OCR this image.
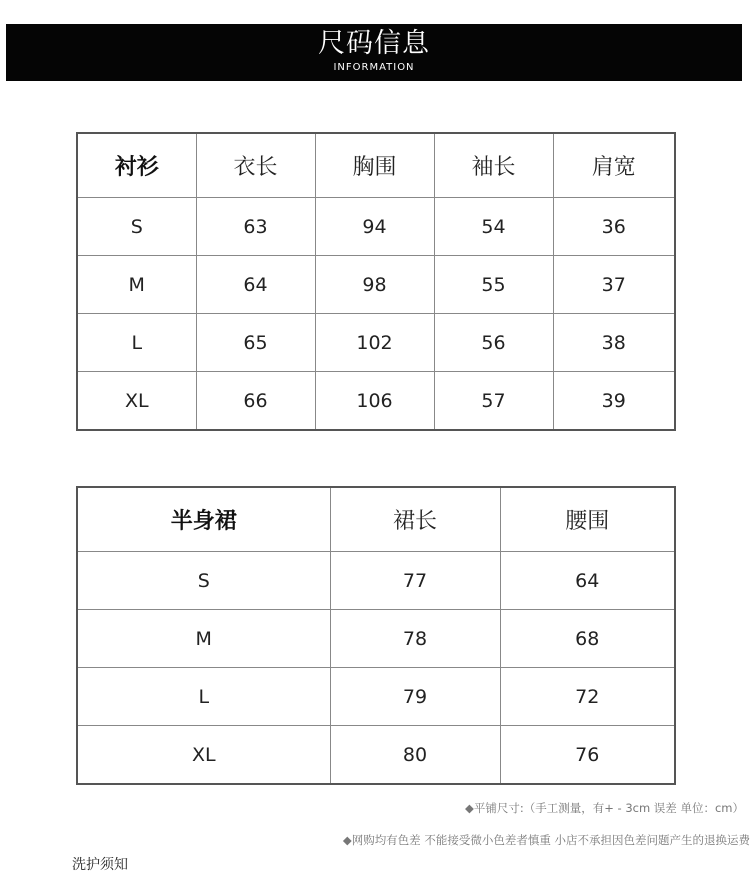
尺码信息
INFORMATION
衬衫	衣长	胸围	袖长	肩宽
S	63	94	54	36
M	64	98	55	37
L	65	102	56	38
XL	66	106	57	39
半身裙	裙长	腰围
S	77	64
M	78	68
L	79	72
XL	80	76
◆平铺尺寸:（手工测量，有+ - 3cm 误差 单位：cm）
◆网购均有色差 不能接受微小色差者慎重 小店不承担因色差问题产生的退换运费
洗护须知
